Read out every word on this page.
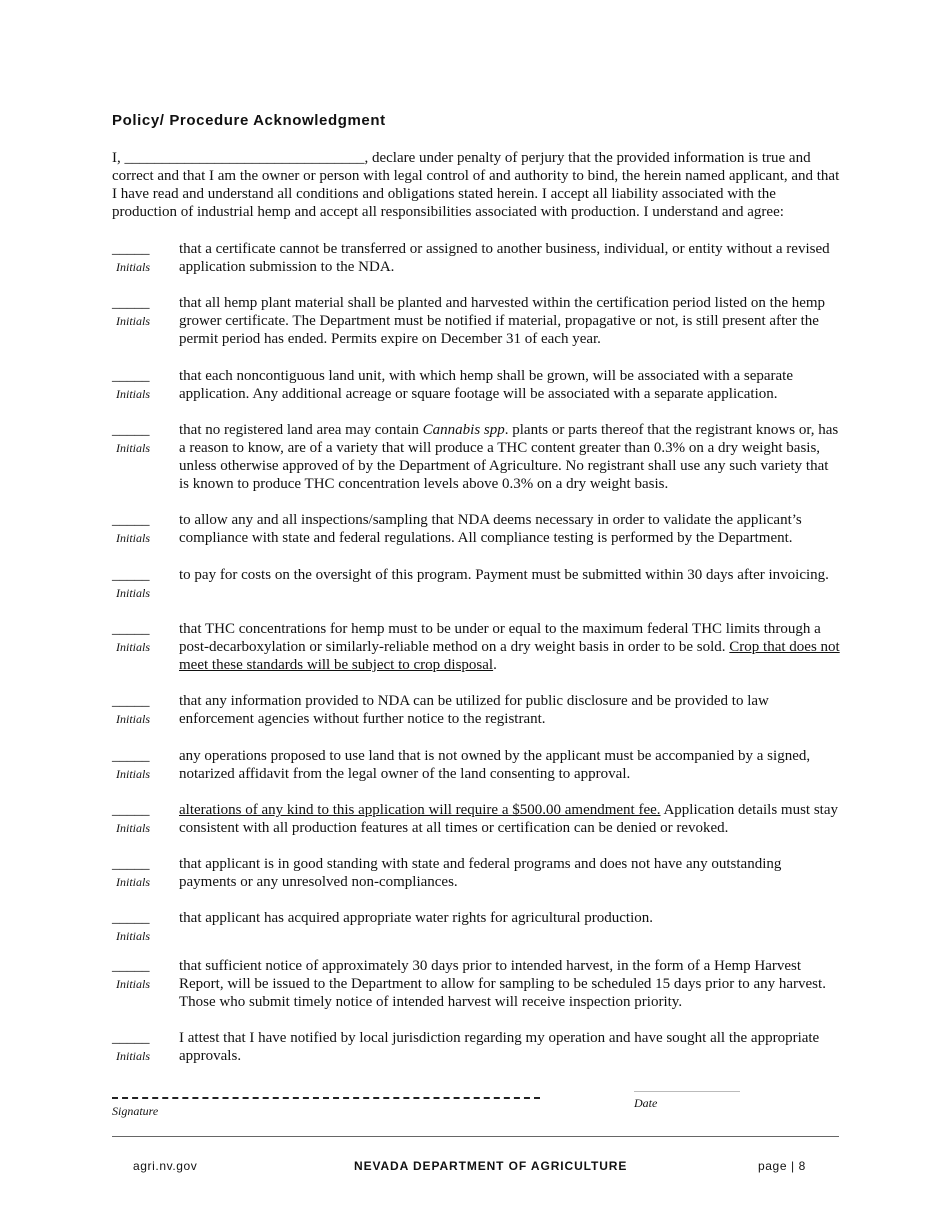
Policy/ Procedure Acknowledgment

I, ________________________________, declare under penalty of perjury that the provided information is true and correct and that I am the owner or person with legal control of and authority to bind, the herein named applicant, and that I have read and understand all conditions and obligations stated herein. I accept all liability associated with the production of industrial hemp and accept all responsibilities associated with production. I understand and agree:

_____
Initials

that a certificate cannot be transferred or assigned to another business, individual, or entity without a revised application submission to the NDA.

_____
Initials

that all hemp plant material shall be planted and harvested within the certification period listed on the hemp grower certificate. The Department must be notified if material, propagative or not, is still present after the permit period has ended. Permits expire on December 31 of each year.

_____
Initials

that each noncontiguous land unit, with which hemp shall be grown, will be associated with a separate application. Any additional acreage or square footage will be associated with a separate application.

_____
Initials

that no registered land area may contain Cannabis spp. plants or parts thereof that the registrant knows or, has a reason to know, are of a variety that will produce a THC content greater than 0.3% on a dry weight basis, unless otherwise approved of by the Department of Agriculture. No registrant shall use any such variety that is known to produce THC concentration levels above 0.3% on a dry weight basis.

_____
Initials

to allow any and all inspections/sampling that NDA deems necessary in order to validate the applicant’s compliance with state and federal regulations. All compliance testing is performed by the Department.

_____
Initials

to pay for costs on the oversight of this program. Payment must be submitted within 30 days after invoicing.

_____
Initials

that THC concentrations for hemp must to be under or equal to the maximum federal THC limits through a post-decarboxylation or similarly-reliable method on a dry weight basis in order to be sold. Crop that does not meet these standards will be subject to crop disposal.

_____
Initials

that any information provided to NDA can be utilized for public disclosure and be provided to law enforcement agencies without further notice to the registrant.

_____
Initials

any operations proposed to use land that is not owned by the applicant must be accompanied by a signed, notarized affidavit from the legal owner of the land consenting to approval.

_____
Initials

alterations of any kind to this application will require a $500.00 amendment fee. Application details must stay consistent with all production features at all times or certification can be denied or revoked.

_____
Initials

that applicant is in good standing with state and federal programs and does not have any outstanding payments or any unresolved non-compliances.

_____
Initials

that applicant has acquired appropriate water rights for agricultural production.

_____
Initials

that sufficient notice of approximately 30 days prior to intended harvest, in the form of a Hemp Harvest Report, will be issued to the Department to allow for sampling to be scheduled 15 days prior to any harvest. Those who submit timely notice of intended harvest will receive inspection priority.

_____
Initials

I attest that I have notified by local jurisdiction regarding my operation and have sought all the appropriate approvals.

Signature
Date
agri.nv.gov	NEVADA DEPARTMENT OF AGRICULTURE	page | 8
